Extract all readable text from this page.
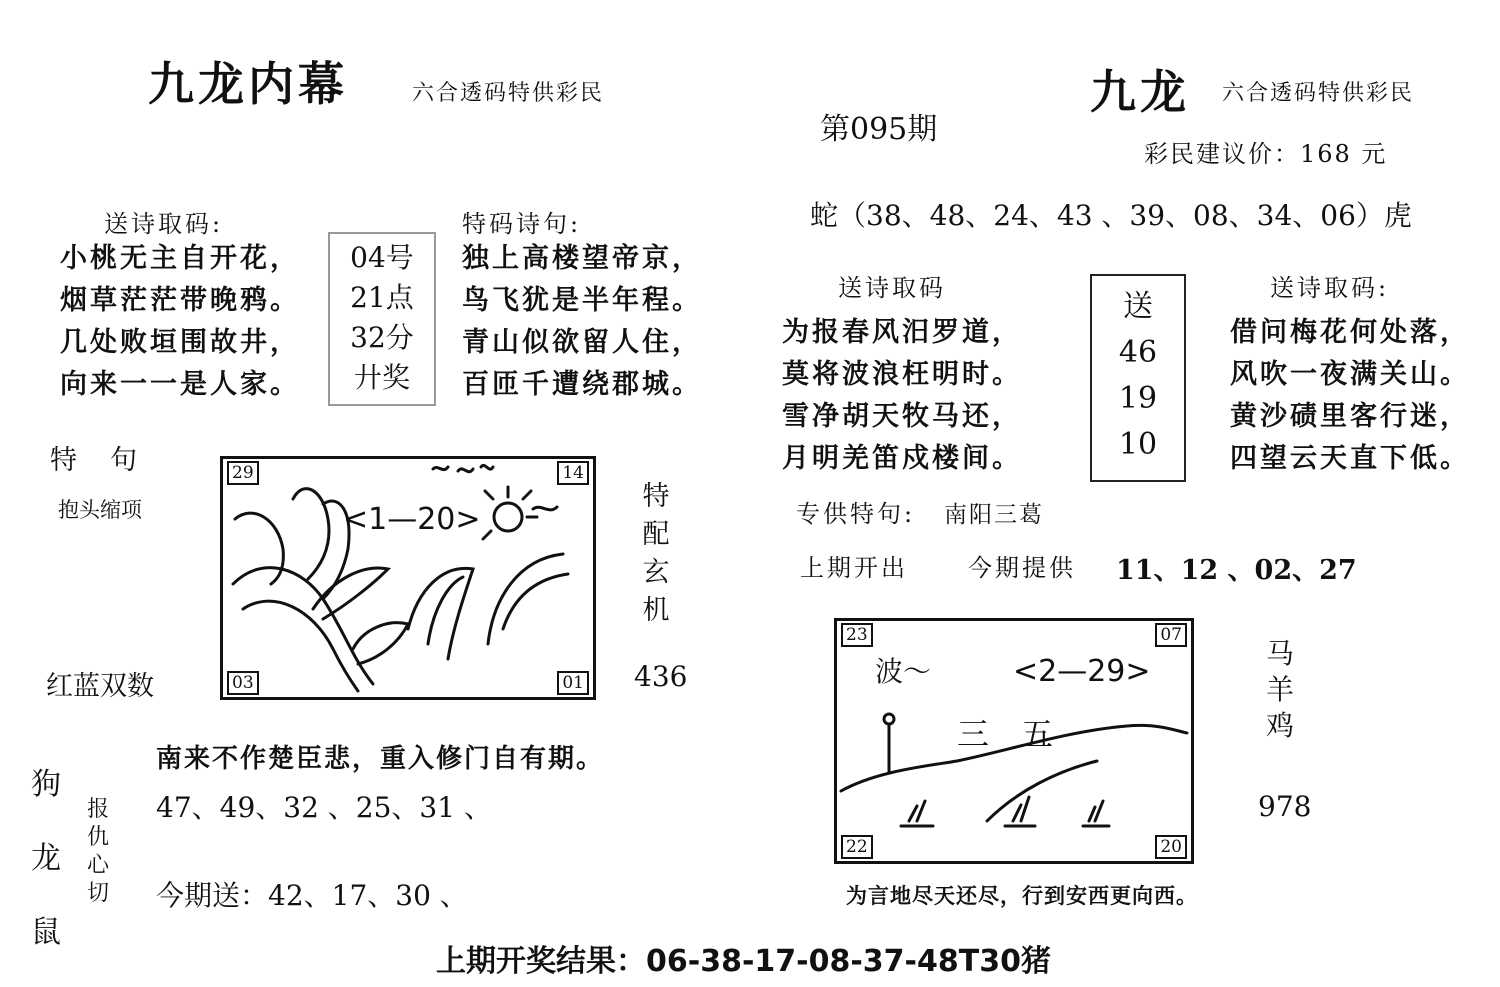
九龙内幕	六合透码特供彩民
送诗取码:
小桃无主自开花，
烟草茫茫带晚鸦。
几处败垣围故井，
向来一一是人家。
04号
21点
32分
廾奖
特码诗句:
独上高楼望帝京，
鸟飞犹是半年程。
青山似欲留人住，
百匝千遭绕郡城。
特　句
抱头缩项
红蓝双数
<1—20>
29	14
03	01
特
配
玄
机
436
狗
龙
鼠
报
仇
心
切
南来不作楚臣悲，重入修门自有期。
47、49、32 、25、31 、
今期送：42、17、30 、
第095期
九龙 六合透码特供彩民
彩民建议价：168 元
蛇（38、48、24、43 、39、08、34、06）虎
送诗取码
为报春风汨罗道，
莫将波浪枉明时。
雪净胡天牧马还，
月明羌笛戍楼间。
送
46
19
10
送诗取码:
借问梅花何处落，
风吹一夜满关山。
黄沙碛里客行迷，
四望云天直下低。
专供特句: 南阳三葛
上期开出	今期提供 11、12 、02、27
波～	<2—29>
三　五
23	07
22	20
马
羊
鸡
978
为言地尽天还尽，行到安西更向西。
上期开奖结果：06-38-17-08-37-48T30猪
